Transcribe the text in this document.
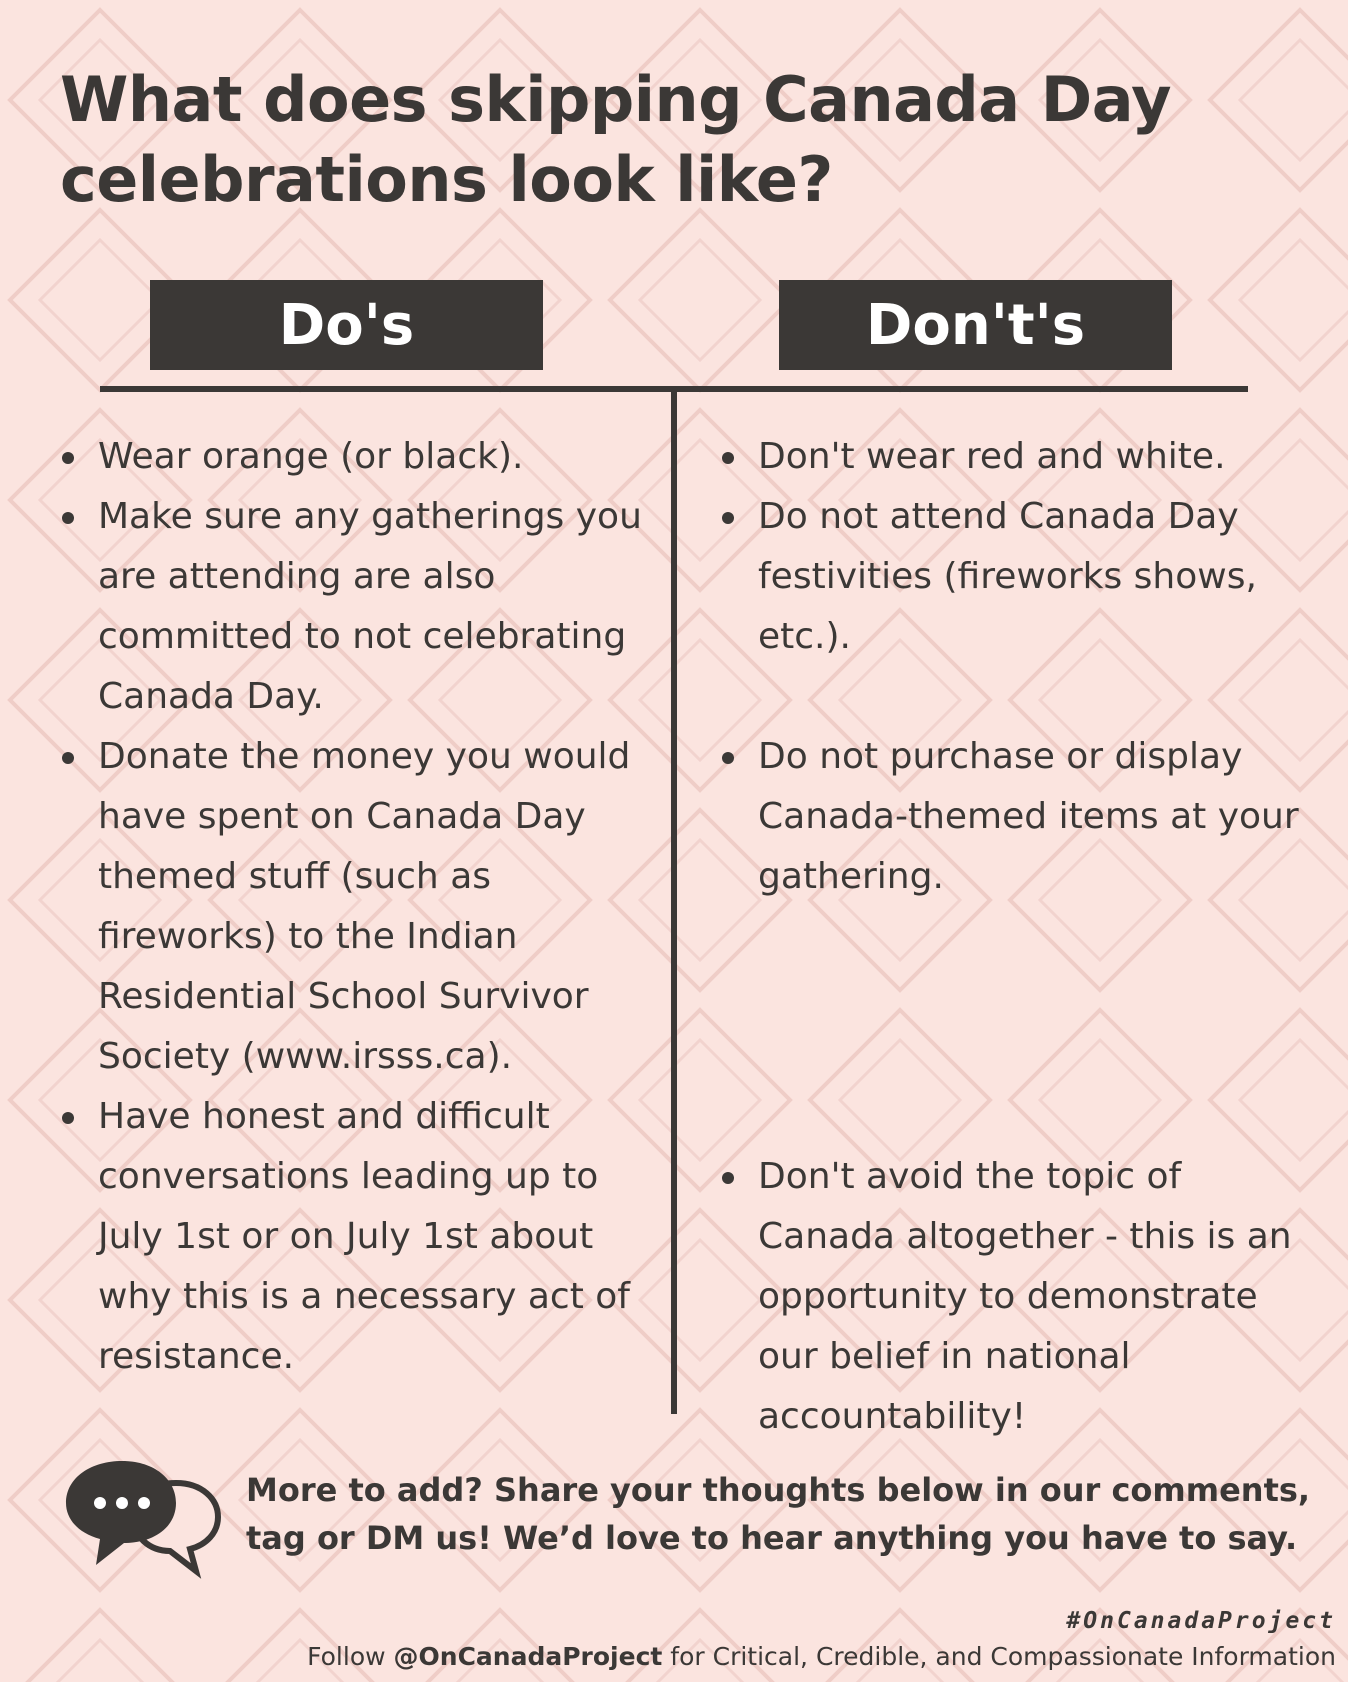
What does skipping Canada Day celebrations look like?
Do's	Don't's
Wear orange (or black).
Make sure any gatherings you are attending are also committed to not celebrating Canada Day.
Donate the money you would have spent on Canada Day themed stuff (such as fireworks) to the Indian Residential School Survivor Society (www.irsss.ca).
Have honest and difficult conversations leading up to July 1st or on July 1st about why this is a necessary act of resistance.
Don't wear red and white.
Do not attend Canada Day festivities (fireworks shows, etc.).
Do not purchase or display Canada-themed items at your gathering.
Don't avoid the topic of Canada altogether - this is an opportunity to demonstrate our belief in national accountability!
More to add? Share your thoughts below in our comments, tag or DM us! We’d love to hear anything you have to say.
#OnCanadaProject
Follow @OnCanadaProject for Critical, Credible, and Compassionate Information
